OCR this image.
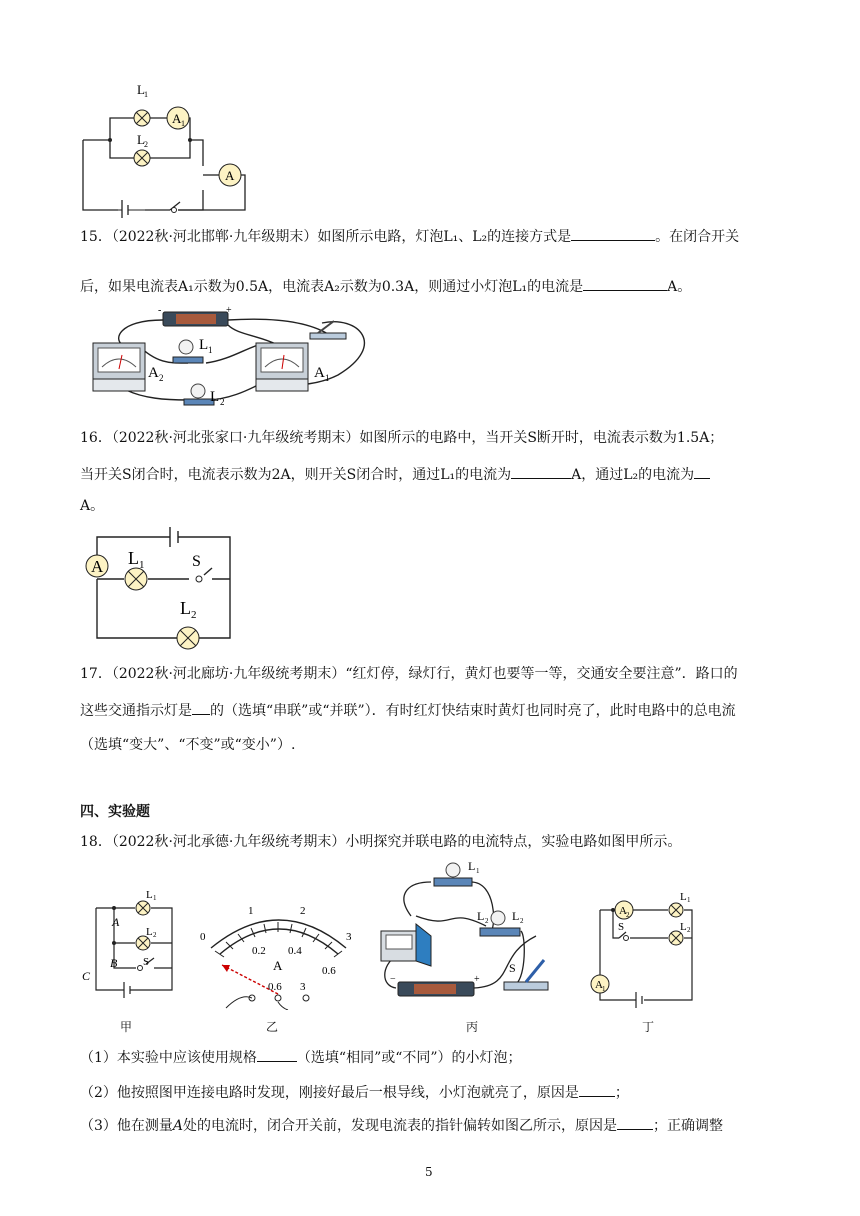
L 1
L 2
A 1
A
15．（2022秋·河北邯郸·九年级期末）如图所示电路，灯泡L₁、L₂的连接方式是	。在闭合开关
后，如果电流表A₁示数为0.5A，电流表A₂示数为0.3A，则通过小灯泡L₁的电流是	A。
-	+
A 2
L 1
L 2
A 1
16．（2022秋·河北张家口·九年级统考期末）如图所示的电路中，当开关S断开时，电流表示数为1.5A；
当开关S闭合时，电流表示数为2A，则开关S闭合时，通过L₁的电流为	A，通过L₂的电流为
A。
A L 1	S
L 2
17．（2022秋·河北廊坊·九年级统考期末）“红灯停，绿灯行，黄灯也要等一等，交通安全要注意”．路口的
这些交通指示灯是 的（选填“串联”或“并联”）．有时红灯快结束时黄灯也同时亮了，此时电路中的总电流
（选填“变大”、“不变”或“变小”）.
四、实验题
18．（2022秋·河北承德·九年级统考期末）小明探究并联电路的电流特点，实验电路如图甲所示。
L 1
L 2
S
A
B
C
0
1	2
3
0.2 0.4
0.6
A
0.6 3
L 1
L 2 L 2
−	+
S
A 2
A 1
L 1
L 2
S
甲	乙	丙	丁
（1）本实验中应该使用规格	（选填“相同”或“不同”）的小灯泡；
（2）他按照图甲连接电路时发现，刚接好最后一根导线，小灯泡就亮了，原因是	；
（3）他在测量A处的电流时，闭合开关前，发现电流表的指针偏转如图乙所示，原因是	；正确调整
5
